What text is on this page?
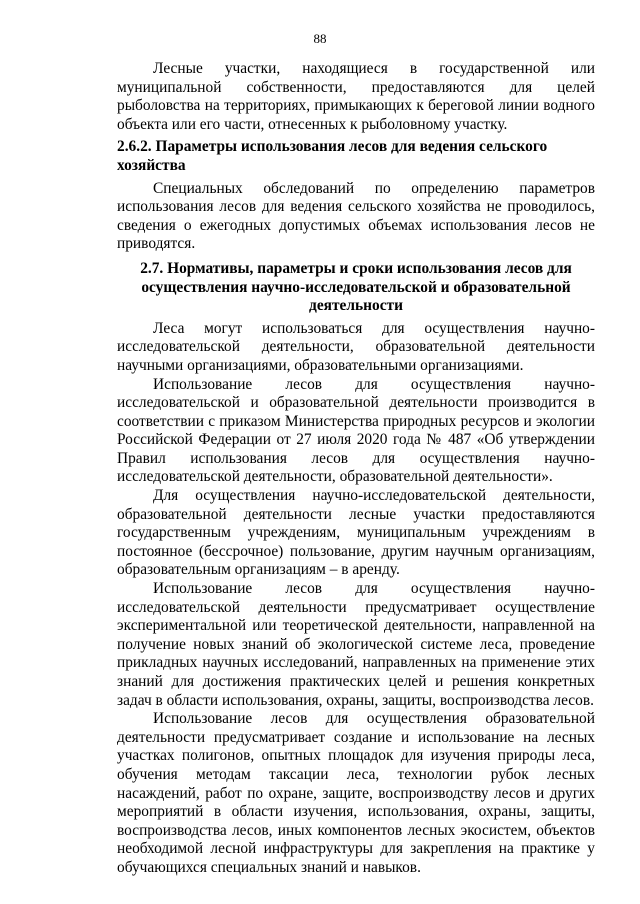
88

Лесные участки, находящиеся в государственной или муниципальной собственности, предоставляются для целей рыболовства на территориях, примыкающих к береговой линии водного объекта или его части, отнесенных к рыболовному участку.

2.6.2. Параметры использования лесов для ведения сельского хозяйства

Специальных обследований по определению параметров использования лесов для ведения сельского хозяйства не проводилось, сведения о ежегодных допустимых объемах использования лесов не приводятся.

2.7. Нормативы, параметры и сроки использования лесов для осуществления научно-исследовательской и образовательной деятельности

Леса могут использоваться для осуществления научно-исследовательской деятельности, образовательной деятельности научными организациями, образовательными организациями.

Использование лесов для осуществления научно-исследовательской и образовательной деятельности производится в соответствии с приказом Министерства природных ресурсов и экологии Российской Федерации от 27 июля 2020 года № 487 «Об утверждении Правил использования лесов для осуществления научно-исследовательской деятельности, образовательной деятельности».

Для осуществления научно-исследовательской деятельности, образовательной деятельности лесные участки предоставляются государственным учреждениям, муниципальным учреждениям в постоянное (бессрочное) пользование, другим научным организациям, образовательным организациям – в аренду.

Использование лесов для осуществления научно-исследовательской деятельности предусматривает осуществление экспериментальной или теоретической деятельности, направленной на получение новых знаний об экологической системе леса, проведение прикладных научных исследований, направленных на применение этих знаний для достижения практических целей и решения конкретных задач в области использования, охраны, защиты, воспроизводства лесов.

Использование лесов для осуществления образовательной деятельности предусматривает создание и использование на лесных участках полигонов, опытных площадок для изучения природы леса, обучения методам таксации леса, технологии рубок лесных насаждений, работ по охране, защите, воспроизводству лесов и других мероприятий в области изучения, использования, охраны, защиты, воспроизводства лесов, иных компонентов лесных экосистем, объектов необходимой лесной инфраструктуры для закрепления на практике у обучающихся специальных знаний и навыков.
